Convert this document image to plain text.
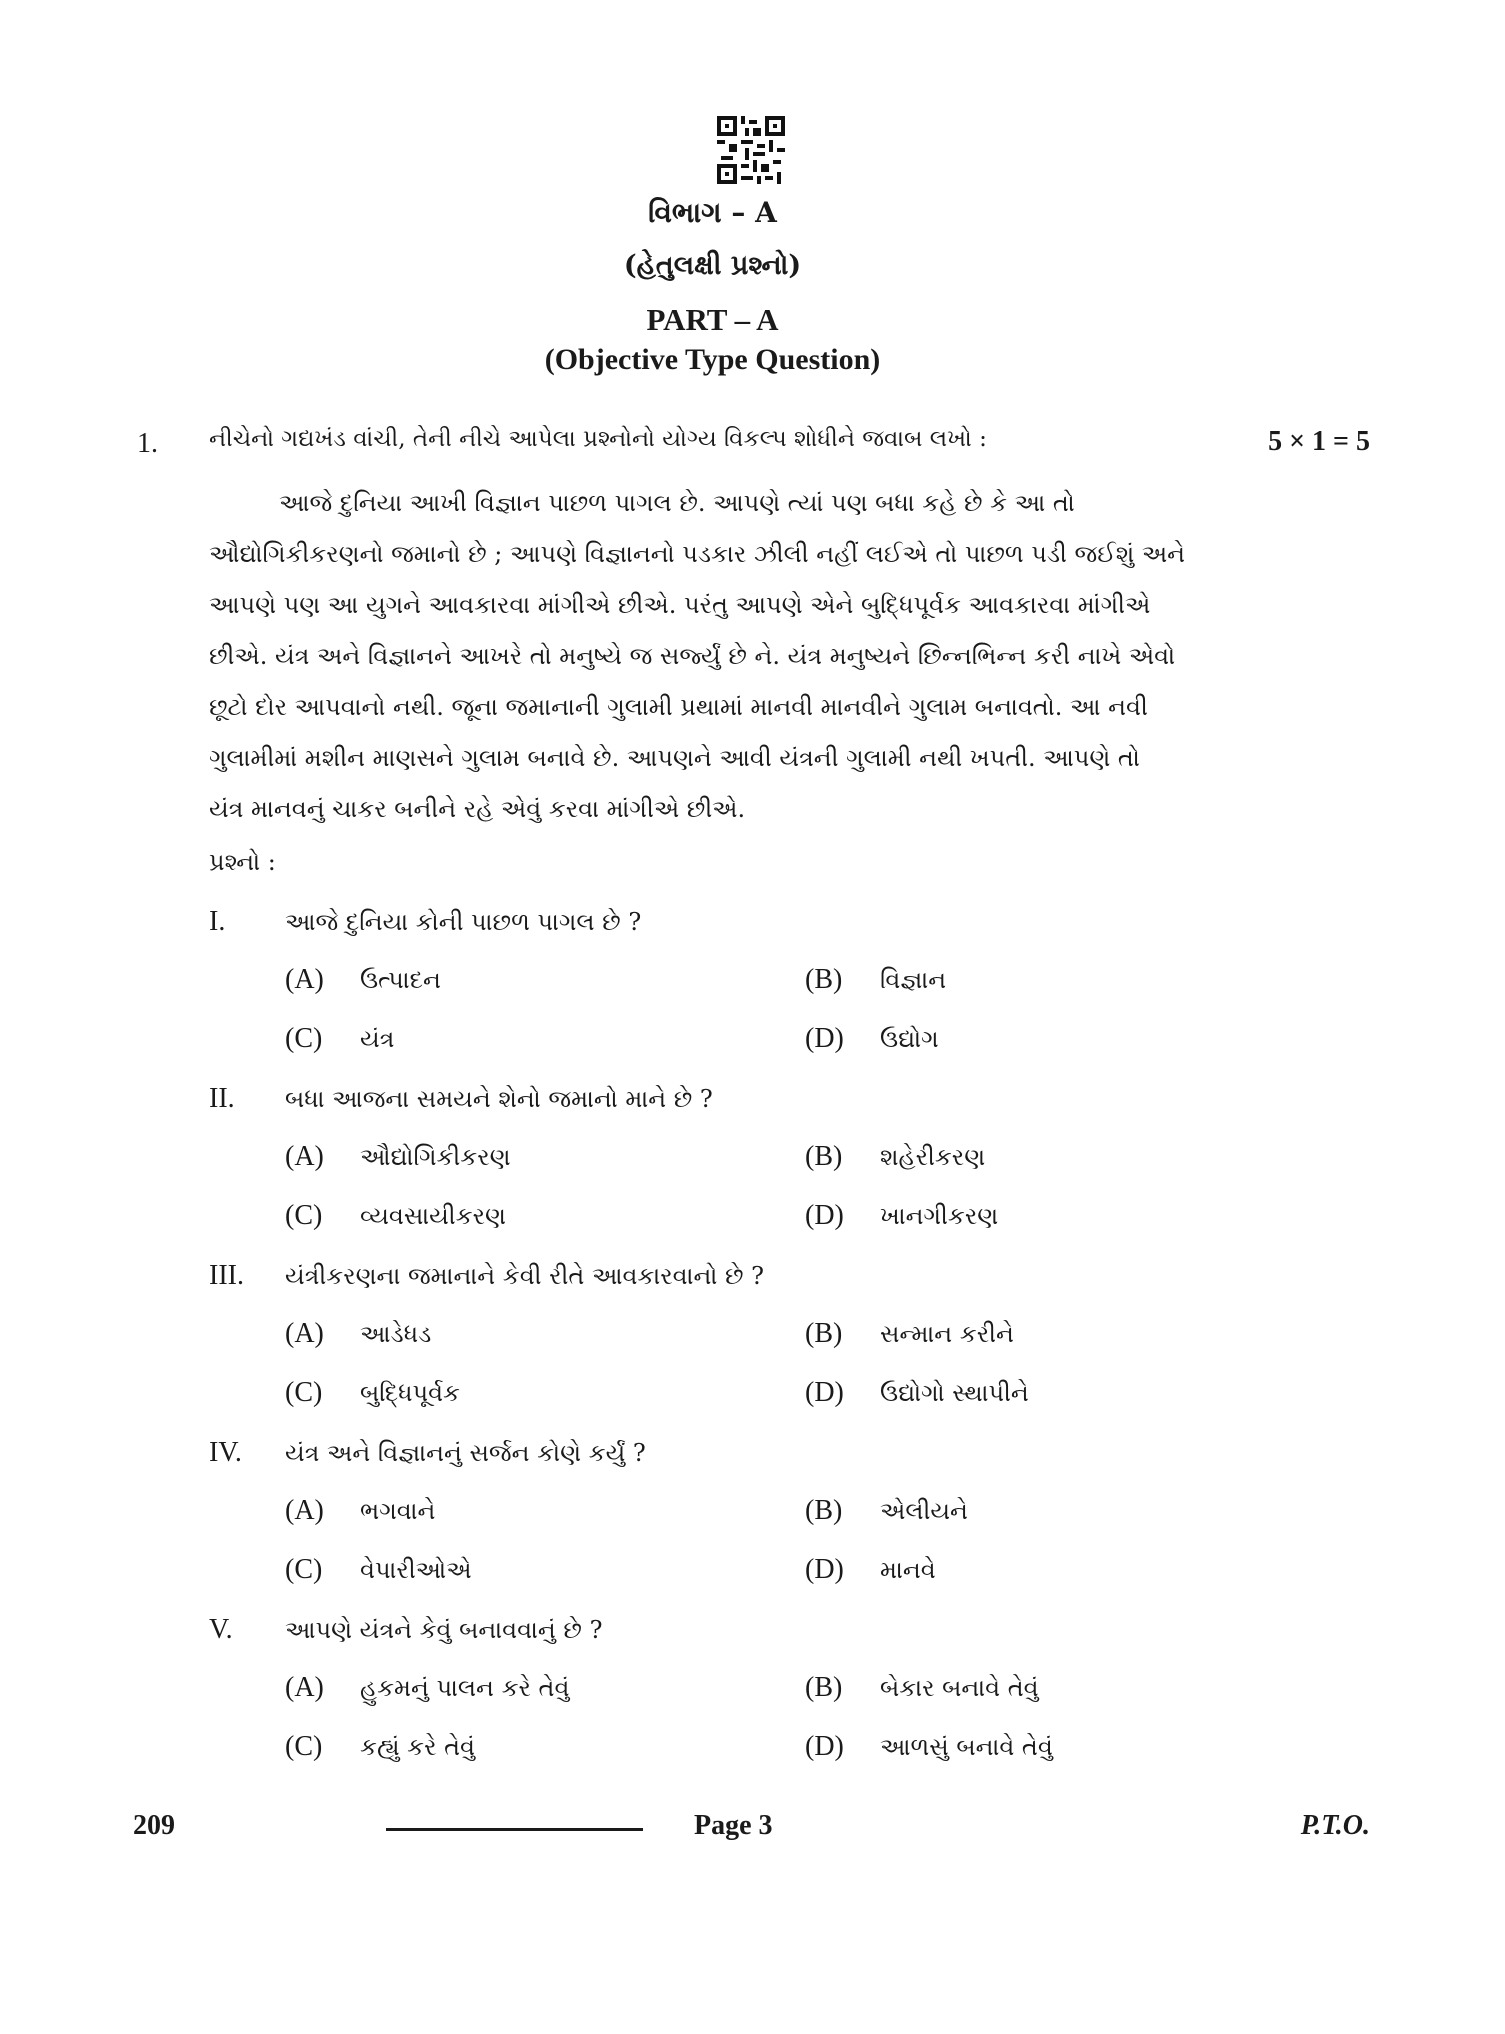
વિભાગ – A
(હેતુલક્ષી પ્રશ્નો)
PART – A
(Objective Type Question)
1. નીચેનો ગદ્યખંડ વાંચી, તેની નીચે આપેલા પ્રશ્નોનો યોગ્ય વિકલ્પ શોધીને જવાબ લખો :	5 × 1 = 5
આજે દુનિયા આખી વિજ્ઞાન પાછળ પાગલ છે. આપણે ત્યાં પણ બધા કહે છે કે આ તો
ઔદ્યોગિકીકરણનો જમાનો છે ; આપણે વિજ્ઞાનનો પડકાર ઝીલી નહીં લઈએ તો પાછળ પડી જઈશું અને
આપણે પણ આ યુગને આવકારવા માંગીએ છીએ. પરંતુ આપણે એને બુદ્ધિપૂર્વક આવકારવા માંગીએ
છીએ. યંત્ર અને વિજ્ઞાનને આખરે તો મનુષ્યે જ સર્જ્યું છે ને. યંત્ર મનુષ્યને છિન્નભિન્ન કરી નાખે એવો
છૂટો દોર આપવાનો નથી. જૂના જમાનાની ગુલામી પ્રથામાં માનવી માનવીને ગુલામ બનાવતો. આ નવી
ગુલામીમાં મશીન માણસને ગુલામ બનાવે છે. આપણને આવી યંત્રની ગુલામી નથી ખપતી. આપણે તો
યંત્ર માનવનું ચાકર બનીને રહે એવું કરવા માંગીએ છીએ.
પ્રશ્નો :
I. આજે દુનિયા કોની પાછળ પાગલ છે ?
(A) ઉત્પાદન	(B) વિજ્ઞાન
(C) યંત્ર	(D) ઉદ્યોગ
II. બધા આજના સમયને શેનો જમાનો માને છે ?
(A) ઔદ્યોગિકીકરણ	(B) શહેરીકરણ
(C) વ્યવસાયીકરણ	(D) ખાનગીકરણ
III. યંત્રીકરણના જમાનાને કેવી રીતે આવકારવાનો છે ?
(A) આડેધડ	(B) સન્માન કરીને
(C) બુદ્ધિપૂર્વક	(D) ઉદ્યોગો સ્થાપીને
IV. યંત્ર અને વિજ્ઞાનનું સર્જન કોણે કર્યું ?
(A) ભગવાને	(B) એલીયને
(C) વેપારીઓએ	(D) માનવે
V. આપણે યંત્રને કેવું બનાવવાનું છે ?
(A) હુકમનું પાલન કરે તેવું	(B) બેકાર બનાવે તેવું
(C) કહ્યું કરે તેવું	(D) આળસું બનાવે તેવું
209	Page 3	P.T.O.
